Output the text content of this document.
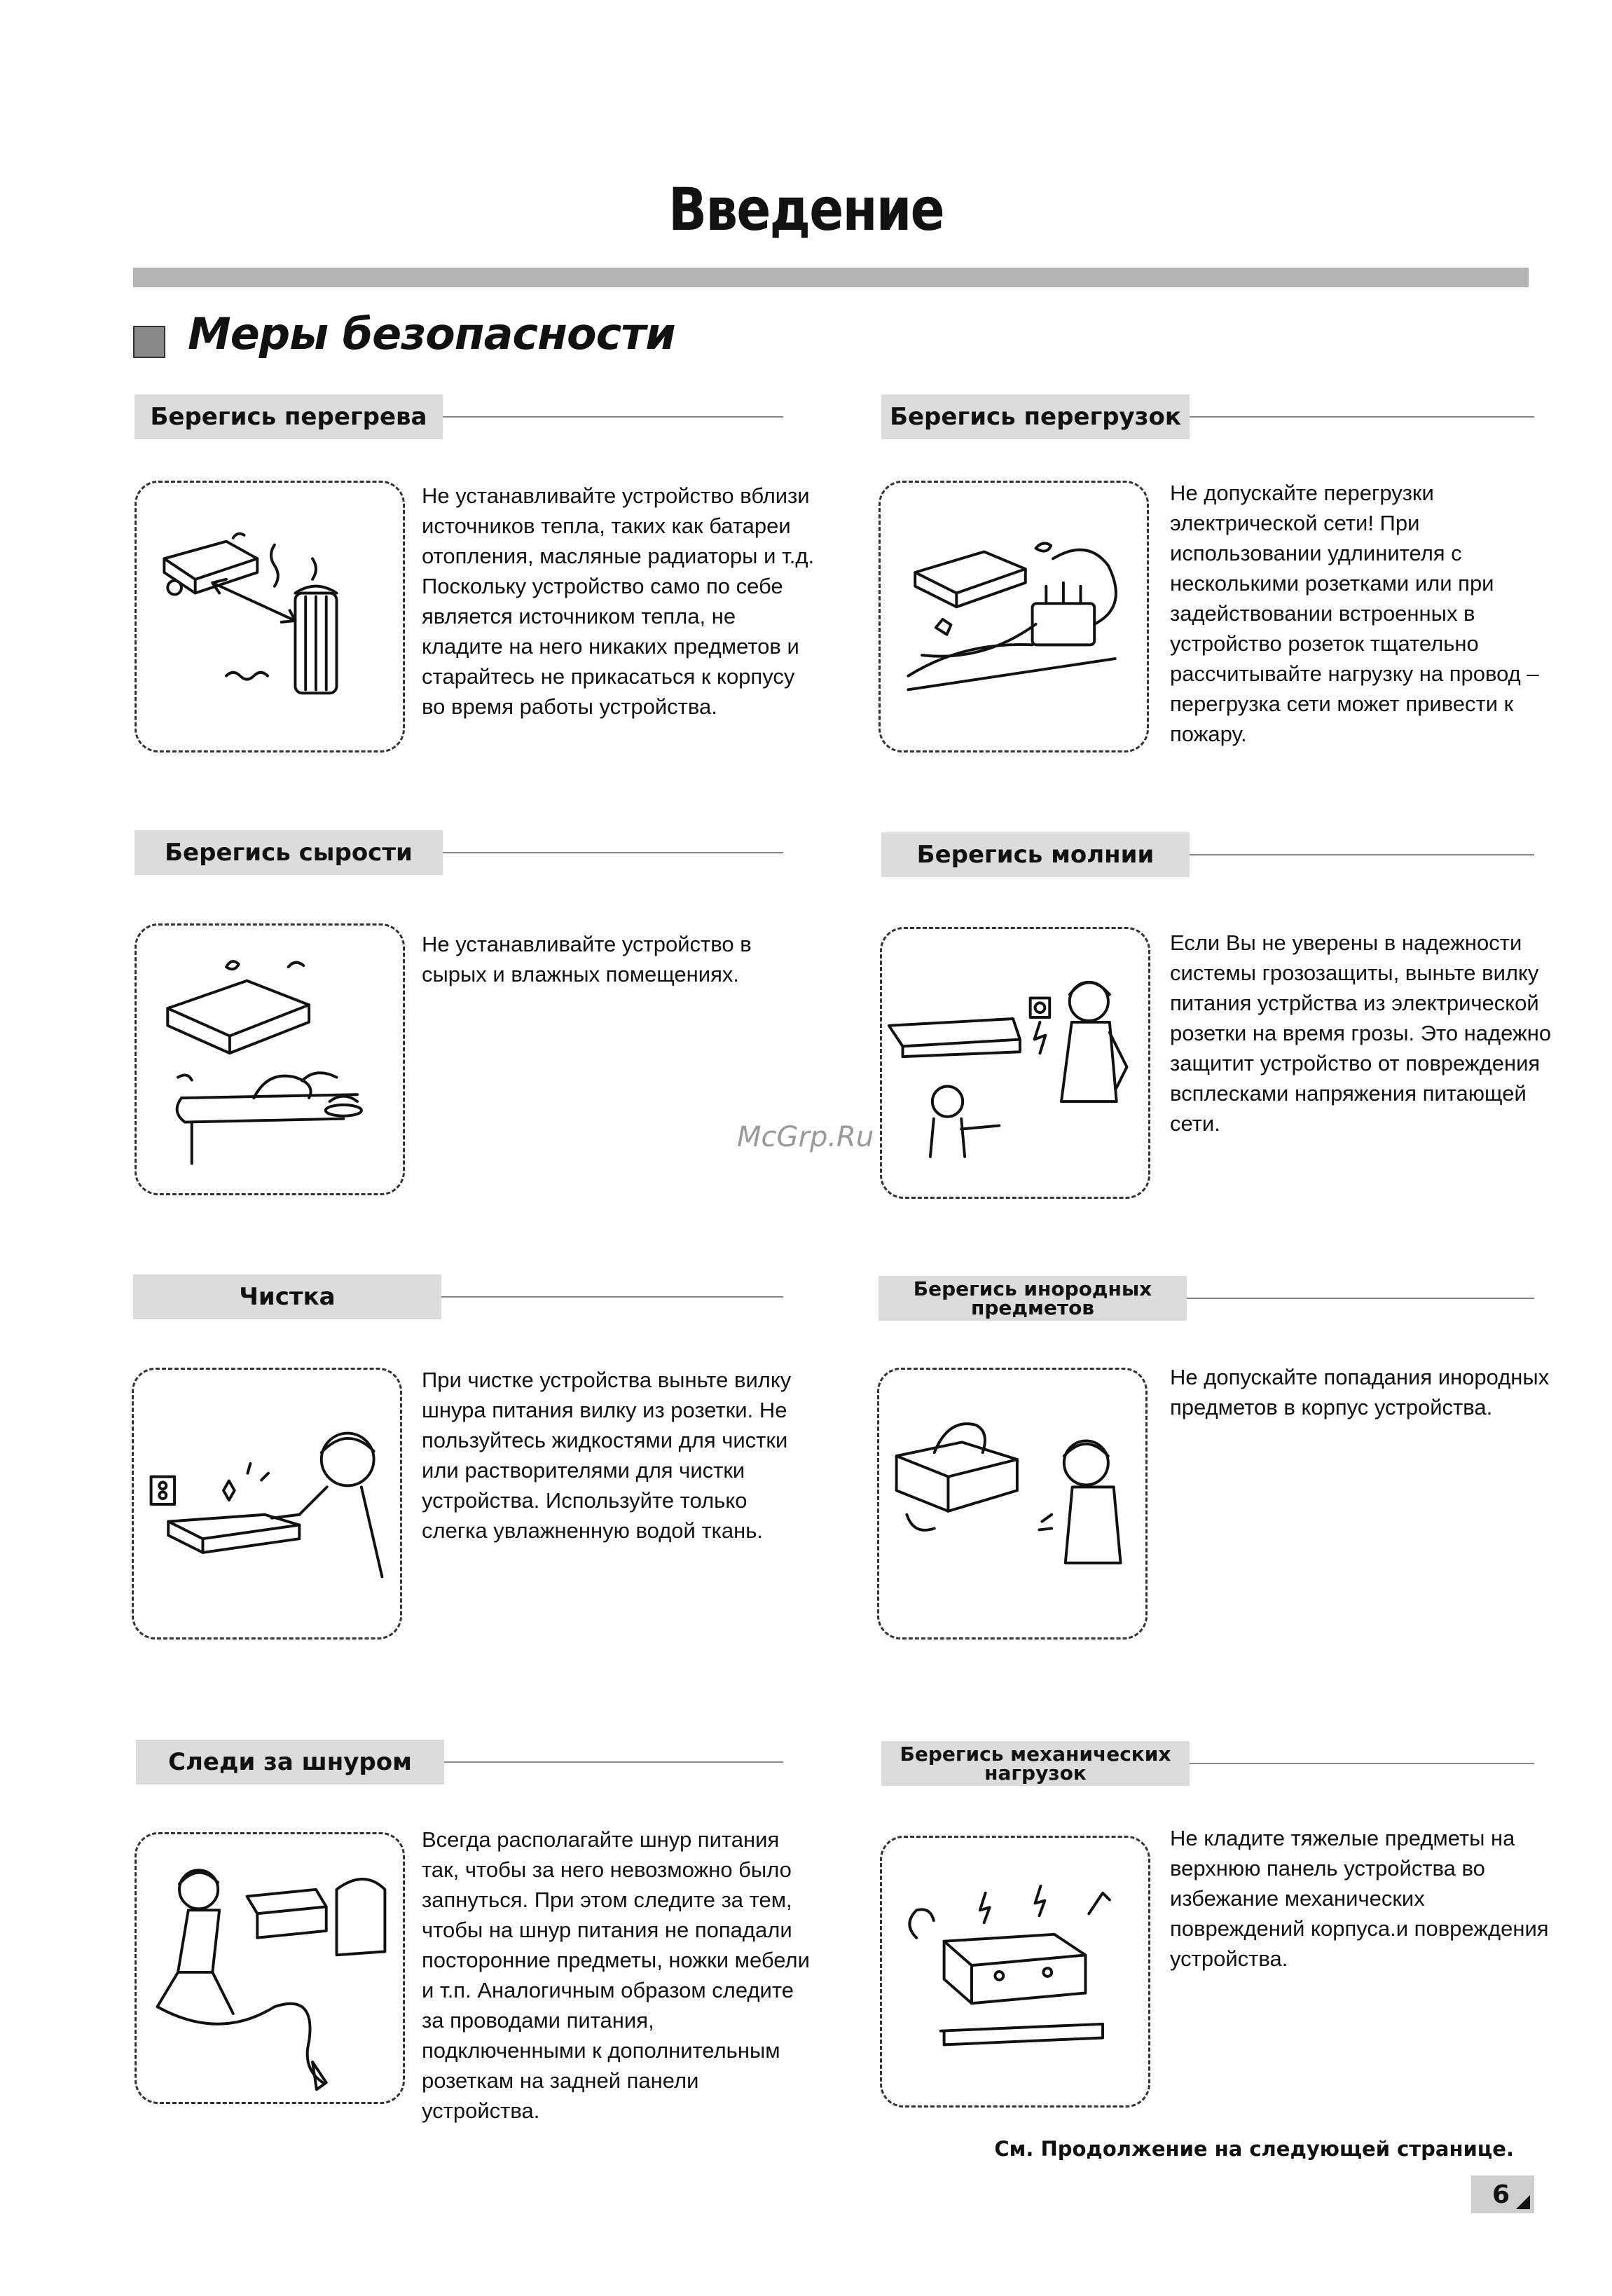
Введение
Меры безопасности
Берегись перегрева
Не устанавливайте устройство вблизи
источников тепла, таких как батареи
отопления, масляные радиаторы и т.д.
Поскольку устройство само по себе
является источником тепла, не
кладите на него никаких предметов и
старайтесь не прикасаться к корпусу
во время работы устройства.
Берегись перегрузок
Не допускайте перегрузки
электрической сети! При
использовании удлинителя с
несколькими розетками или при
задействовании встроенных в
устройство розеток тщательно
рассчитывайте нагрузку на провод –
перегрузка сети может привести к
пожару.
Берегись сырости
Не устанавливайте устройство в
сырых и влажных помещениях.
Берегись молнии
Если Вы не уверены в надежности
системы грозозащиты, выньте вилку
питания устрйства из электрической
розетки на время грозы. Это надежно
защитит устройство от повреждения
всплесками напряжения питающей
сети.
Чистка
При чистке устройства выньте вилку
шнура питания вилку из розетки. Не
пользуйтесь жидкостями для чистки
или растворителями для чистки
устройства. Используйте только
слегка увлажненную водой ткань.
Берегись инородных предметов
Не допускайте попадания инородных
предметов в корпус устройства.
Следи за шнуром
Всегда располагайте шнур питания
так, чтобы за него невозможно было
запнуться. При этом следите за тем,
чтобы на шнур питания не попадали
посторонние предметы, ножки мебели
и т.п. Аналогичным образом следите
за проводами питания,
подключенными к дополнительным
розеткам на задней панели
устройства.
Берегись механических нагрузок
Не кладите тяжелые предметы на
верхнюю панель устройства во
избежание механических
повреждений корпуса.и повреждения
устройства.
McGrp.Ru
См. Продолжение на следующей странице.
6
